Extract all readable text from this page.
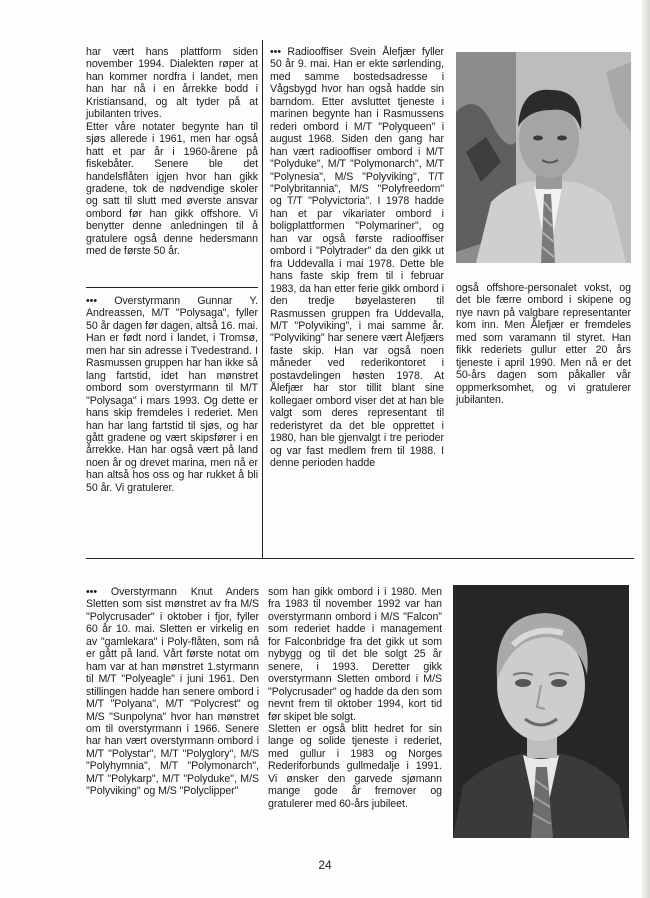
har vært hans plattform siden november 1994. Dialekten røper at han kommer nordfra i landet, men han har nå i en årrekke bodd i Kristiansand, og alt tyder på at jubilanten trives.

Etter våre notater begynte han til sjøs allerede i 1961, men har også hatt et par år i 1960-årene på fiskebåter. Senere ble det handelsflåten igjen hvor han gikk gradene, tok de nødvendige skoler og satt til slutt med øverste ansvar ombord før han gikk offshore. Vi benytter denne anledningen til å gratulere også denne hedersmann med de første 50 år.

••• Overstyrmann Gunnar Y. Andreassen, M/T "Polysaga", fyller 50 år dagen før dagen, altså 16. mai. Han er født nord i landet, i Tromsø, men har sin adresse i Tvedestrand. I Rasmussen gruppen har han ikke så lang fartstid, idet han mønstret ombord som overstyrmann til M/T "Polysaga" i mars 1993. Og dette er hans skip fremdeles i rederiet. Men han har lang fartstid til sjøs, og har gått gradene og vært skipsfører i en årrekke. Han har også vært på land noen år og drevet marina, men nå er han altså hos oss og har rukket å bli 50 år. Vi gratulerer.

••• Radiooffiser Svein Ålefjær fyller 50 år 9. mai. Han er ekte sørlending, med samme bostedsadresse i Vågsbygd hvor han også hadde sin barndom. Etter avsluttet tjeneste i marinen begynte han i Rasmussens rederi ombord i M/T "Polyqueen" i august 1968. Siden den gang har han vært radiooffiser ombord i M/T "Polyduke", M/T "Polymonarch", M/T "Polynesia", M/S "Polyviking", T/T "Polybritannia", M/S "Polyfreedom" og T/T "Polyvictoria". I 1978 hadde han et par vikariater ombord i boligplattformen "Polymariner", og han var også første radiooffiser ombord i "Polytrader" da den gikk ut fra Uddevalla i mai 1978. Dette ble hans faste skip frem til i februar 1983, da han etter ferie gikk ombord i den tredje bøyelasteren til Rasmussen gruppen fra Uddevalla, M/T "Polyviking", i mai samme år. "Polyviking" har senere vært Ålefjærs faste skip. Han var også noen måneder ved rederikontoret i postavdelingen høsten 1978. At Ålefjær har stor tillit blant sine kollegaer ombord viser det at han ble valgt som deres representant til rederistyret da det ble opprettet i 1980, han ble gjenvalgt i tre perioder og var fast medlem frem til 1988. I denne perioden hadde

også offshore-personalet vokst, og det ble færre ombord i skipene og nye navn på valgbare representanter kom inn. Men Ålefjær er fremdeles med som varamann til styret. Han fikk rederiets gullur etter 20 års tjeneste i april 1990. Men nå er det 50-års dagen som påkaller vår oppmerksomhet, og vi gratulerer jubilanten.

••• Overstyrmann Knut Anders Sletten som sist mønstret av fra M/S "Polycrusader" i oktober i fjor, fyller 60 år 10. mai. Sletten er virkelig en av "gamlekara" i Poly-flåten, som nå er gått på land. Vårt første notat om ham var at han mønstret 1.styrmann til M/T "Polyeagle" i juni 1961. Den stillingen hadde han senere ombord i M/T "Polyana", M/T "Polycrest" og M/S "Sunpolyna" hvor han mønstret om til overstyrmann i 1966. Senere har han vært overstyrmann ombord i M/T "Polystar", M/T "Polyglory", M/S "Polyhymnia", M/T "Polymonarch", M/T "Polykarp", M/T "Polyduke", M/S "Polyviking" og M/S "Polyclipper"

som han gikk ombord i i 1980. Men fra 1983 til november 1992 var han overstyrmann ombord i M/S "Falcon" som rederiet hadde i management for Falconbridge fra det gikk ut som nybygg og til det ble solgt 25 år senere, i 1993. Deretter gikk overstyrmann Sletten ombord i M/S "Polycrusader" og hadde da den som nevnt frem til oktober 1994, kort tid før skipet ble solgt.

Sletten er også blitt hedret for sin lange og solide tjeneste i rederiet, med gullur i 1983 og Norges Rederiforbunds gullmedalje i 1991. Vi ønsker den garvede sjømann mange gode år fremover og gratulerer med 60-års jubileet.

24
